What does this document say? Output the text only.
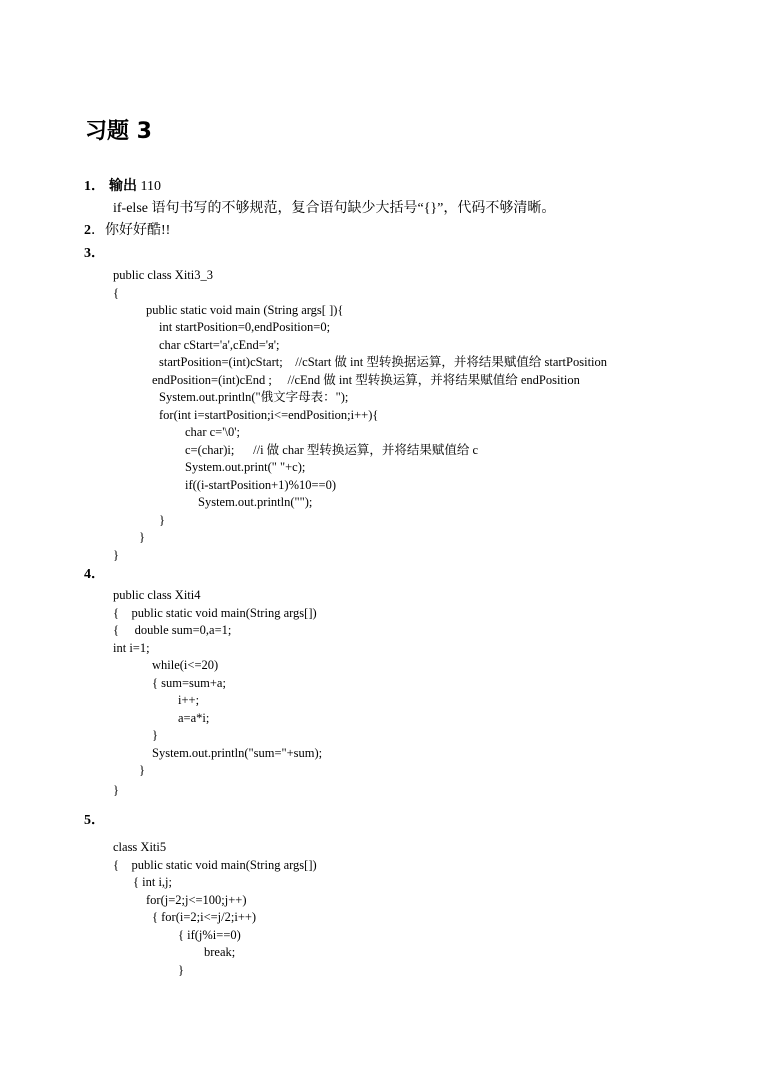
习题 3
1． 输出 110
if-else 语句书写的不够规范，复合语句缺少大括号“{}”，代码不够清晰。
2．你好好酷!!
3．
public class Xiti3_3
{
public static void main (String args[ ]){
int startPosition=0,endPosition=0;
char cStart='a',cEnd='я';
startPosition=(int)cStart;    //cStart 做 int 型转换据运算，并将结果赋值给 startPosition
endPosition=(int)cEnd ;     //cEnd 做 int 型转换运算，并将结果赋值给 endPosition
System.out.println("俄文字母表：");
for(int i=startPosition;i<=endPosition;i++){
char c='\0';
c=(char)i;      //i 做 char 型转换运算，并将结果赋值给 c
System.out.print(" "+c);
if((i-startPosition+1)%10==0)
System.out.println("");
}
}
}
4．
public class Xiti4
{    public static void main(String args[])
{     double sum=0,a=1;
int i=1;
while(i<=20)
{ sum=sum+a;
i++;
a=a*i;
}
System.out.println("sum="+sum);
}
}
5．
class Xiti5
{    public static void main(String args[])
{ int i,j;
for(j=2;j<=100;j++)
{ for(i=2;i<=j/2;i++)
{ if(j%i==0)
break;
}
